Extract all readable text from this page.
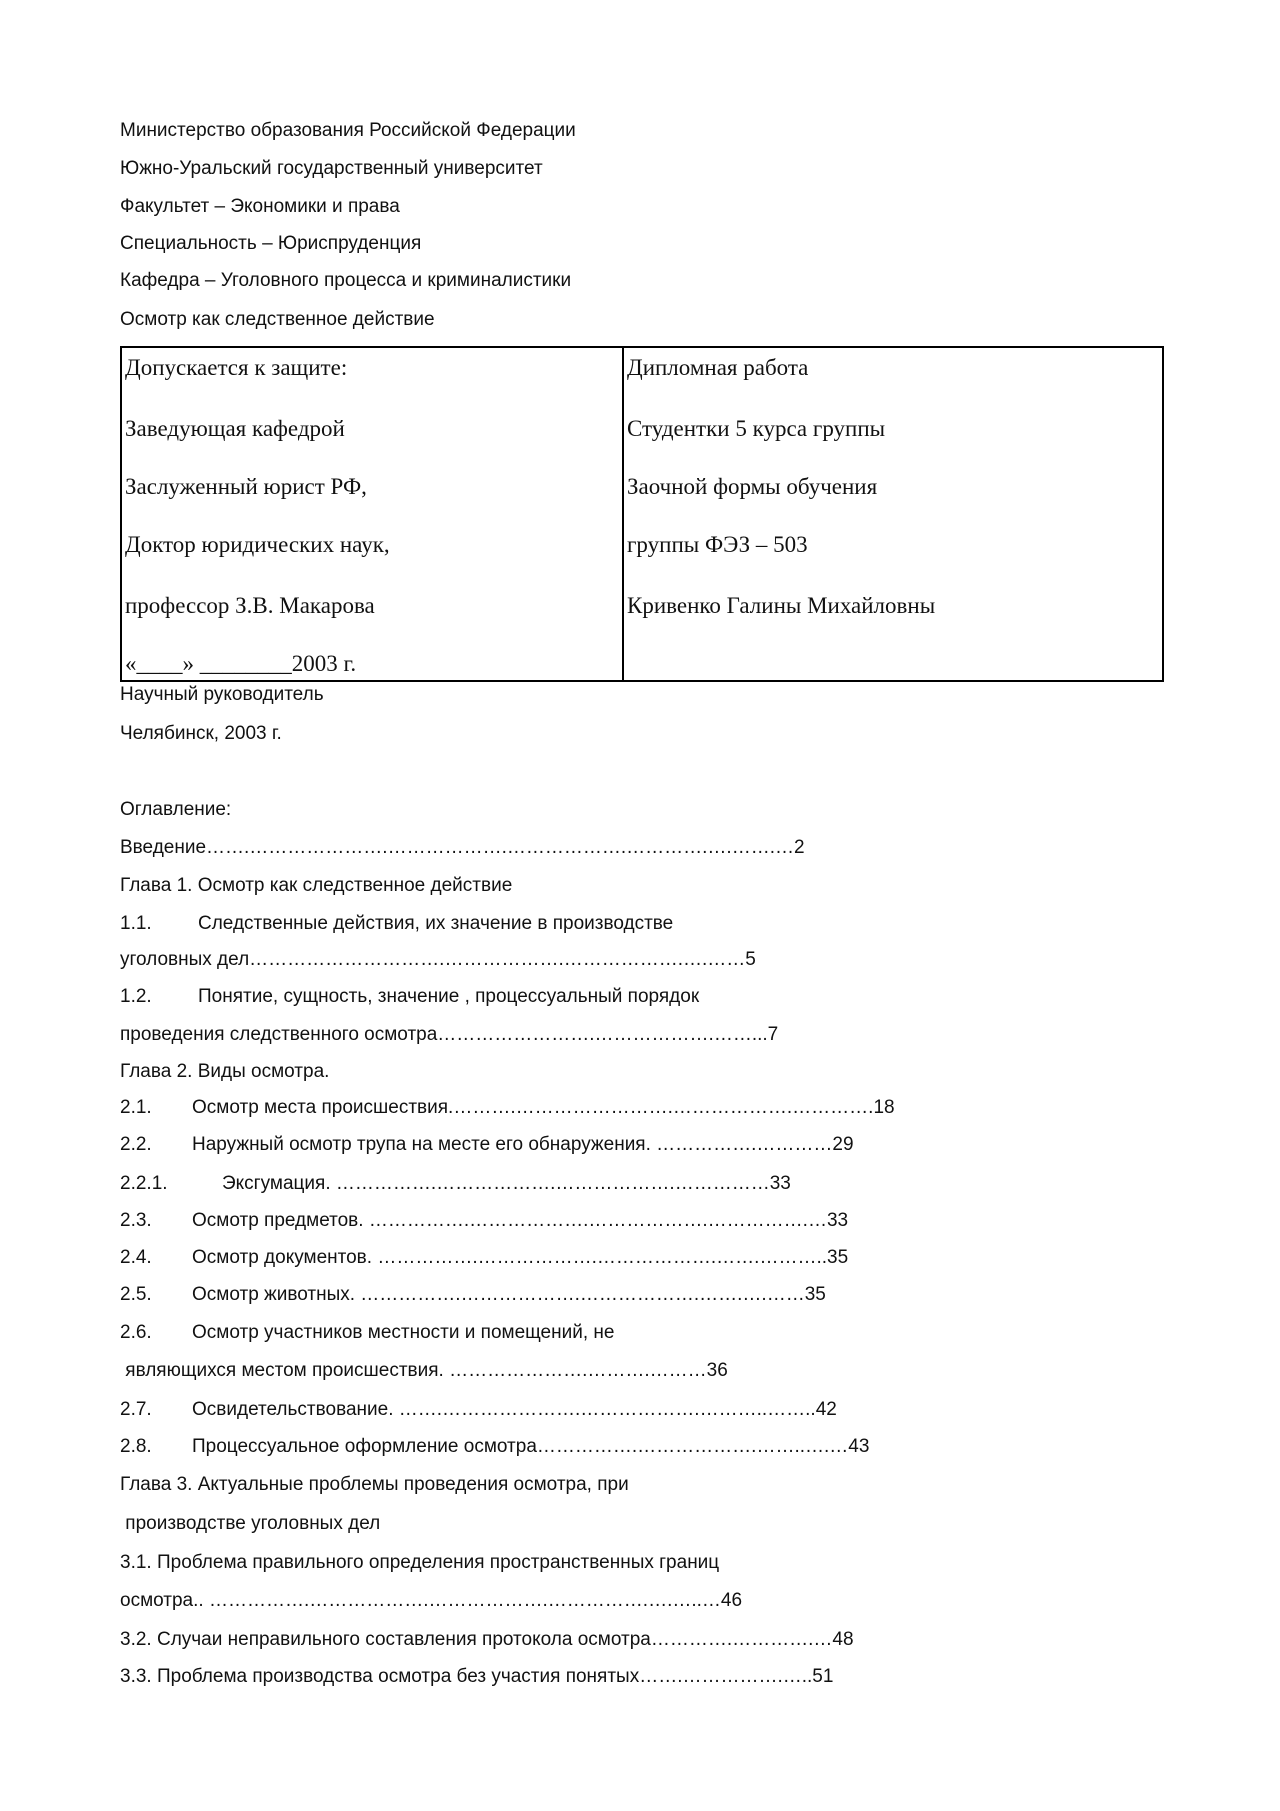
Министерство образования Российской Федерации
Южно-Уральский государственный университет
Факультет – Экономики и права
Специальность – Юриспруденция
Кафедра – Уголовного процесса и криминалистики
Осмотр как следственное действие
Допускается к защите:
Заведующая кафедрой
Заслуженный юрист РФ,
Доктор юридических наук,
профессор З.В. Макарова
«____» ________2003 г.

Дипломная работа
Студентки 5 курса группы
Заочной формы обучения
группы ФЭЗ – 503
Кривенко Галины Михайловны
Научный руководитель
Челябинск, 2003 г.
Оглавление:
Введение…….………………….……………….……………….………….….…….…2
Глава 1. Осмотр как следственное действие
1.1. Следственные действия, их значение в производстве
уголовных дел………………………….……………….……………….….……5
1.2. Понятие, сущность, значение , процессуальный порядок
проведения следственного осмотра…………………….……………….……...7
Глава 2. Виды осмотра.
2.1. Осмотр места происшествия.……….…………………….……………….………….18
2.2. Наружный осмотр трупа на месте его обнаружения. …………….…………29
2.2.1.	Эксгумация. …………….……………….……………….……………33
2.3. Осмотр предметов. …………….……………….……………….…………….…33
2.4. Осмотр документов. …………….……………….……………….…….………..35
2.5. Осмотр животных. …………….……………….……………….…….….……35
2.6. Осмотр участников местности и помещений, не
являющихся местом происшествия. ………………….……….………36
2.7. Освидетельствование. …….………………….……………….………..……..42
2.8. Процессуальное оформление осмотра…………….……………….……..….…43
Глава 3. Актуальные проблемы проведения осмотра, при
производстве уголовных дел
3.1. Проблема правильного определения пространственных границ
осмотра.. …………….……………….……………….…………….….…..…46
3.2. Случаи неправильного составления протокола осмотра………….………….…48
3.3. Проблема производства осмотра без участия понятых…….…………….…..51
